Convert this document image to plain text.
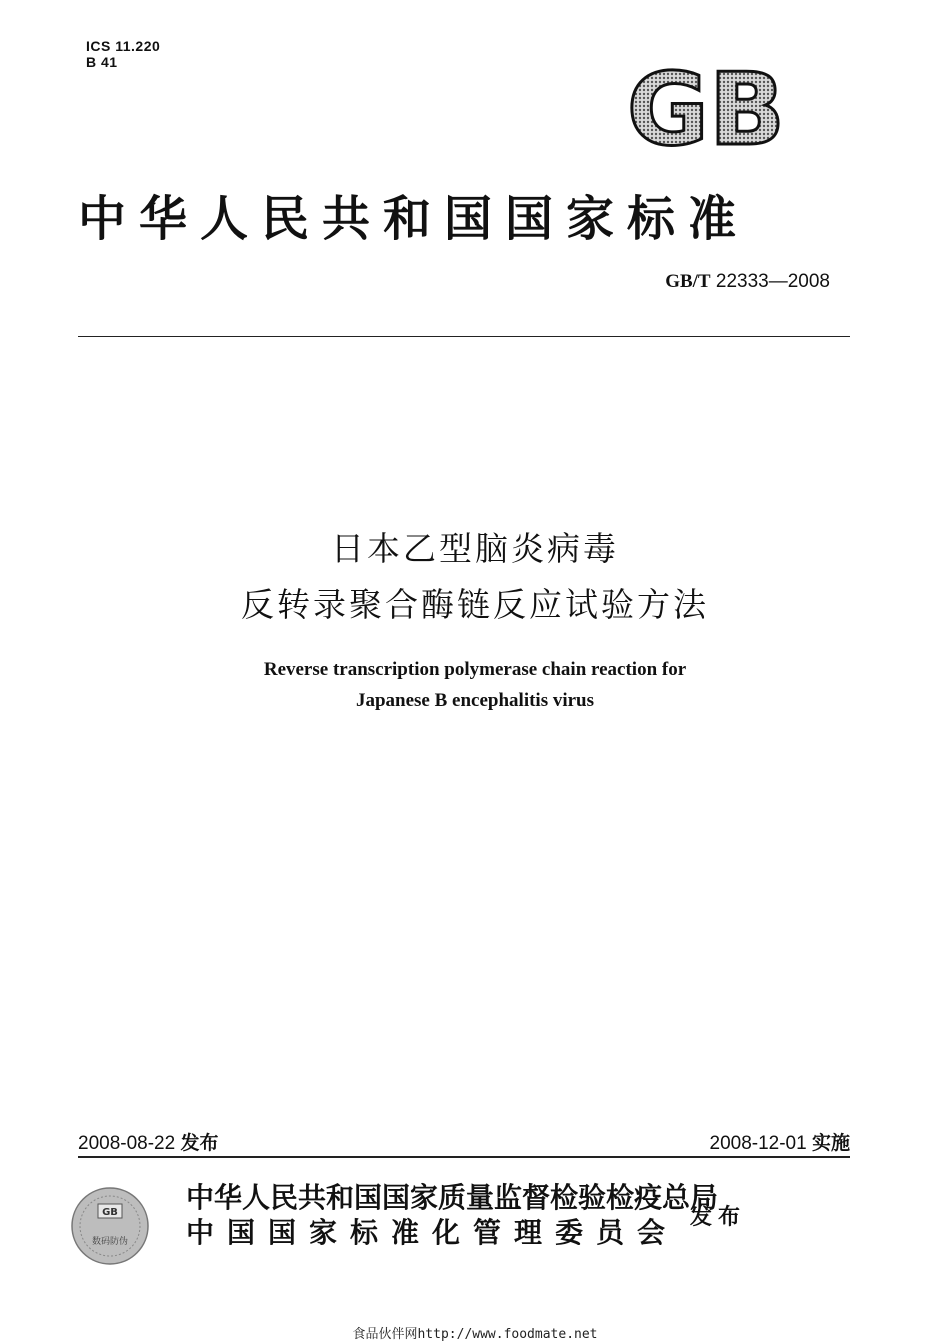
ICS 11.220
B 41	GB
中华人民共和国国家标准
GB/T 22333—2008
日本乙型脑炎病毒
反转录聚合酶链反应试验方法
Reverse transcription polymerase chain reaction for
Japanese B encephalitis virus
2008-08-22 发布	2008-12-01 实施
GB
数码防伪
中华人民共和国国家质量监督检验检疫总局
中国国家标准化管理委员会 发布
食品伙伴网http://www.foodmate.net
